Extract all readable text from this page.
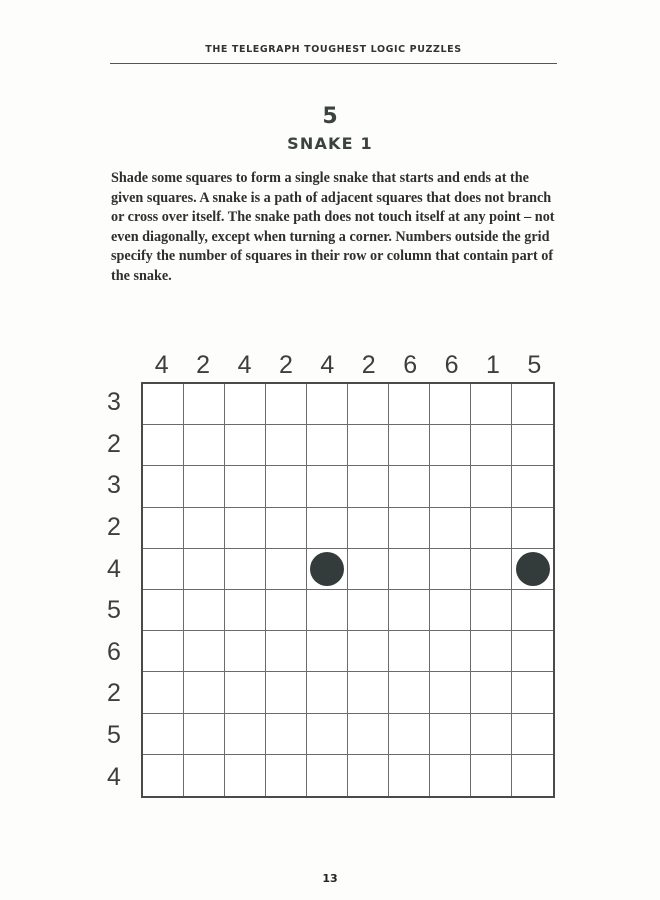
THE TELEGRAPH TOUGHEST LOGIC PUZZLES
5
SNAKE 1
Shade some squares to form a single snake that starts and ends at the given squares. A snake is a path of adjacent squares that does not branch or cross over itself. The snake path does not touch itself at any point – not even diagonally, except when turning a corner. Numbers outside the grid specify the number of squares in their row or column that contain part of the snake.
4	2	4	2	4	2	6	6	1	5
3
2
3
2
4
5
6
2
5
4
13
